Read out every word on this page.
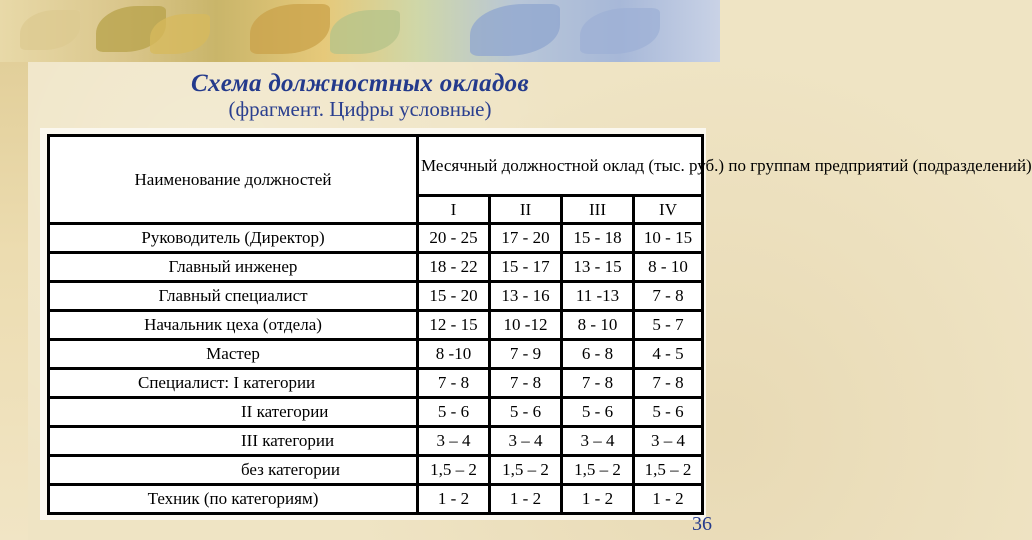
Схема должностных окладов
(фрагмент. Цифры условные)
Наименование должностей	Месячный должностной оклад (тыс. руб.) по группам предприятий (подразделений)			
	I	II	III	IV
Руководитель (Директор)	20 - 25	17 - 20	15 - 18	10 - 15
Главный инженер	18 - 22	15 - 17	13 - 15	8 - 10
Главный специалист	15 - 20	13 - 16	11 -13	7 - 8
Начальник цеха (отдела)	12 - 15	10 -12	8 - 10	5 - 7
Мастер	8 -10	7 - 9	6 - 8	4 - 5
Специалист: I категории	7 - 8	7 - 8	7 - 8	7 - 8
II категории	5 - 6	5 - 6	5 - 6	5 - 6
III категории	3 – 4	3 – 4	3 – 4	3 – 4
без категории	1,5 – 2	1,5 – 2	1,5 – 2	1,5 – 2
Техник (по категориям)	1 - 2	1 - 2	1 - 2	1 - 2
36
